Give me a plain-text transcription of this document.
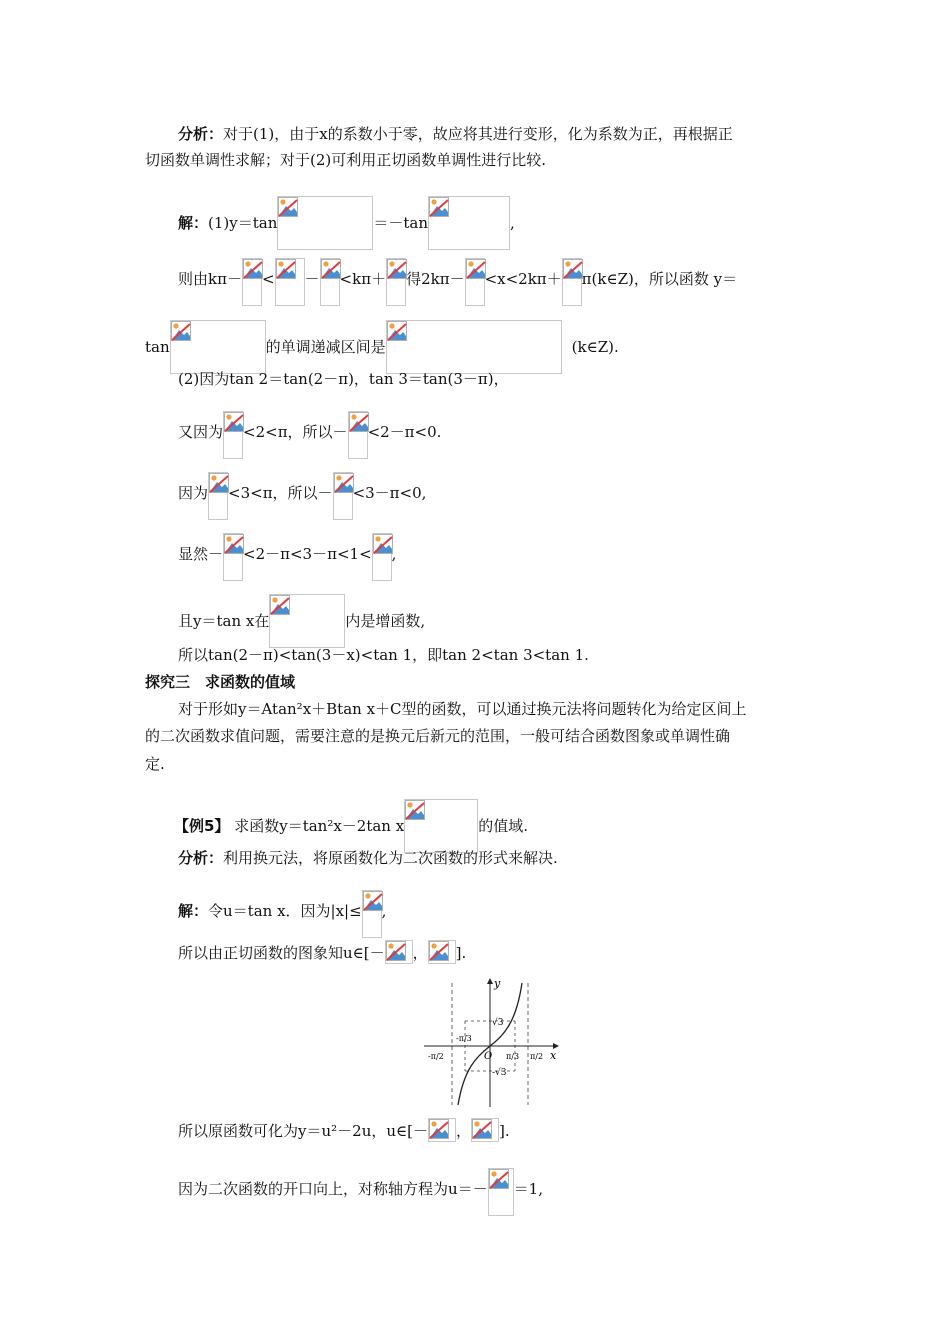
分析：对于(1)，由于x的系数小于零，故应将其进行变形，化为系数为正，再根据正
切函数单调性求解；对于(2)可利用正切函数单调性进行比较.
解：(1)y＝tan	＝－tan	,
则由kπ－ < － <kπ＋ 得2kπ－ <x<2kπ＋ π(k∈Z)，所以函数 y＝
tan	的单调递减区间是	(k∈Z).
(2)因为tan 2＝tan(2－π)，tan 3＝tan(3－π)，
又因为 <2<π，所以－ <2－π<0.
因为 <3<π，所以－ <3－π<0,
显然－ <2－π<3－π<1< ,
且y＝tan x在	内是增函数,
所以tan(2－π)<tan(3－x)<tan 1，即tan 2<tan 3<tan 1.
探究三　求函数的值域
对于形如y＝Atan²x＋Btan x＋C型的函数，可以通过换元法将问题转化为给定区间上
的二次函数求值问题，需要注意的是换元后新元的范围，一般可结合函数图象或单调性确
定.
【例5】 求函数y＝tan²x－2tan x	的值域.
分析：利用换元法，将原函数化为二次函数的形式来解决.
解：令u＝tan x．因为|x|≤ ,
所以由正切函数的图象知u∈[－ ， ].
y
x
O
√3
-√3
-π/3
π/3
-π/2	π/2
所以原函数可化为y＝u²－2u，u∈[－ ， ].
因为二次函数的开口向上，对称轴方程为u＝－ ＝1,
